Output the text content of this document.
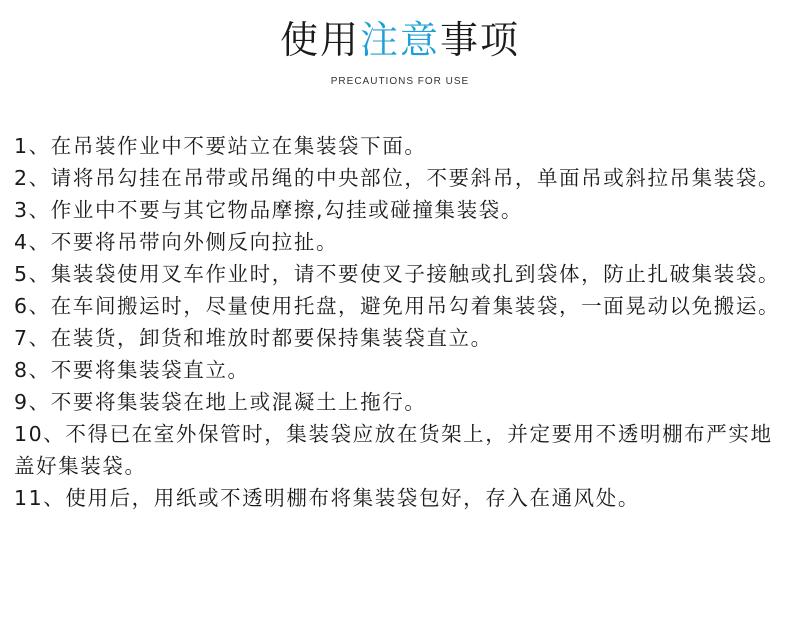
使用注意事项
PRECAUTIONS FOR USE

1、在吊装作业中不要站立在集装袋下面。

2、请将吊勾挂在吊带或吊绳的中央部位，不要斜吊，单面吊或斜拉吊集装袋。

3、作业中不要与其它物品摩擦,勾挂或碰撞集装袋。

4、不要将吊带向外侧反向拉扯。

5、集装袋使用叉车作业时，请不要使叉子接触或扎到袋体，防止扎破集装袋。

6、在车间搬运时，尽量使用托盘，避免用吊勾着集装袋，一面晃动以免搬运。

7、在装货，卸货和堆放时都要保持集装袋直立。

8、不要将集装袋直立。

9、不要将集装袋在地上或混凝土上拖行。

10、不得已在室外保管时，集装袋应放在货架上，并定要用不透明棚布严实地盖好集装袋。

11、使用后，用纸或不透明棚布将集装袋包好，存入在通风处。
